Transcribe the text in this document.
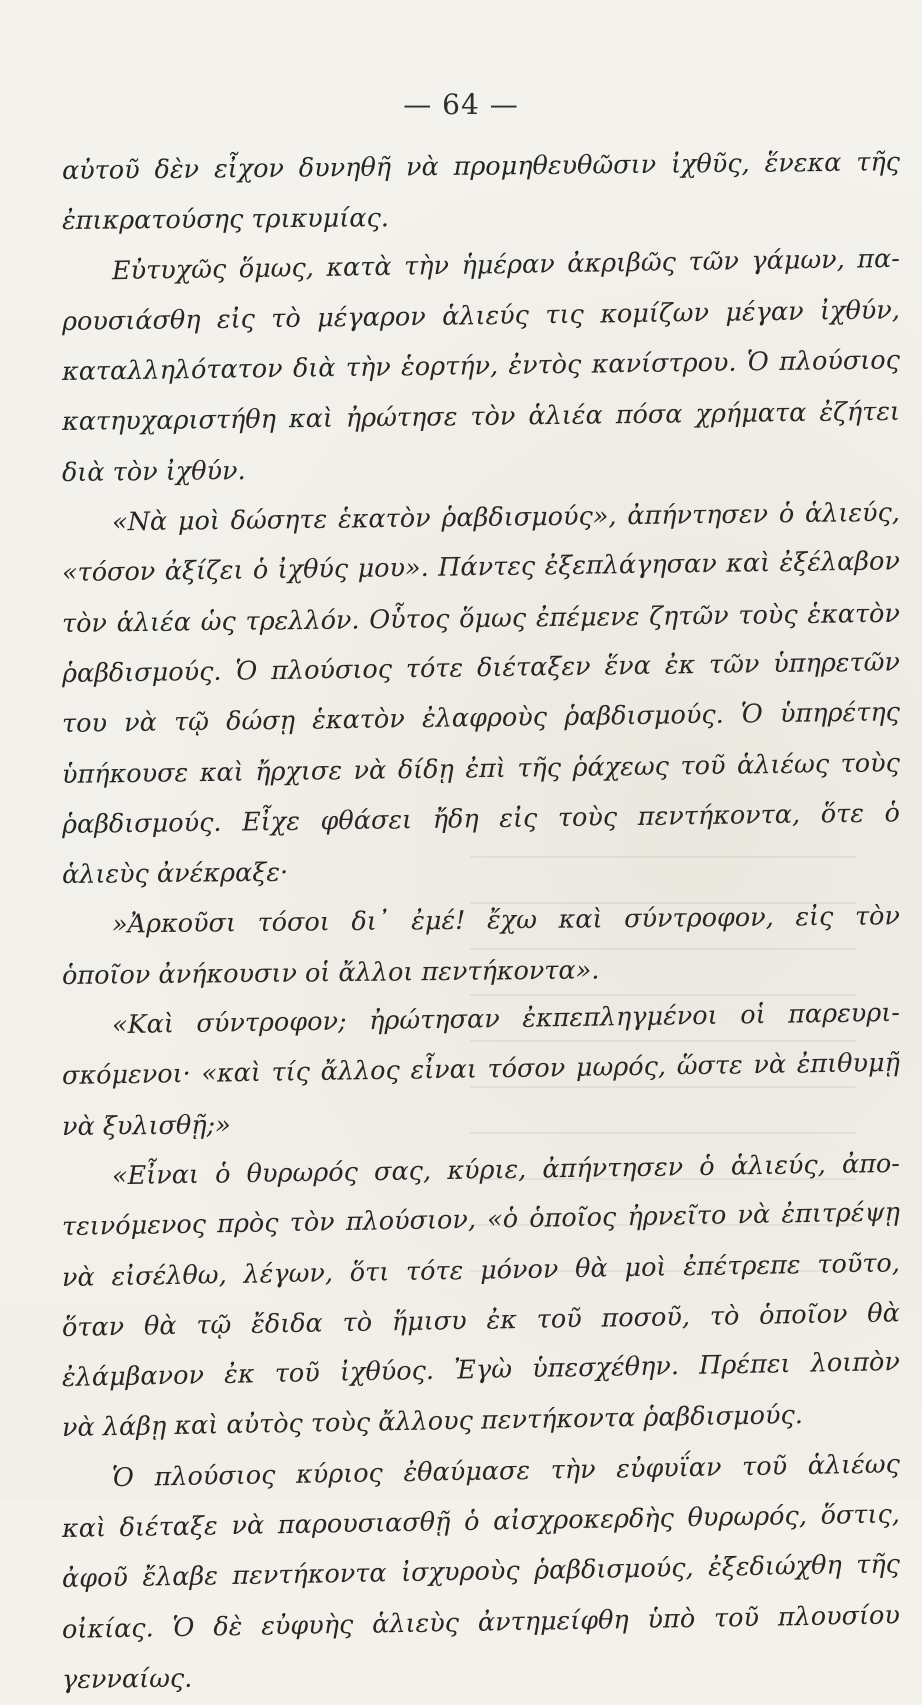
— 64 —
αὐτοῦ δὲν εἶχον δυνηθῆ νὰ προμηθευθῶσιν ἰχθῦς, ἕνεκα τῆς
ἐπικρατούσης τρικυμίας.
Εὐτυχῶς ὅμως, κατὰ τὴν ἡμέραν ἀκριβῶς τῶν γάμων, πα-
ρουσιάσθη εἰς τὸ μέγαρον ἁλιεύς τις κομίζων μέγαν ἰχθύν,
καταλληλότατον διὰ τὴν ἑορτήν, ἐντὸς κανίστρου. Ὁ πλούσιος
κατηυχαριστήθη καὶ ἠρώτησε τὸν ἁλιέα πόσα χρήματα ἐζήτει
διὰ τὸν ἰχθύν.
«Νὰ μοὶ δώσητε ἑκατὸν ῥαβδισμούς», ἀπήντησεν ὁ ἁλιεύς,
«τόσον ἀξίζει ὁ ἰχθύς μου». Πάντες ἐξεπλάγησαν καὶ ἐξέλαβον
τὸν ἁλιέα ὡς τρελλόν. Οὗτος ὅμως ἐπέμενε ζητῶν τοὺς ἑκατὸν
ῥαβδισμούς. Ὁ πλούσιος τότε διέταξεν ἕνα ἐκ τῶν ὑπηρετῶν
του νὰ τῷ δώσῃ ἑκατὸν ἐλαφροὺς ῥαβδισμούς. Ὁ ὑπηρέτης
ὑπήκουσε καὶ ἤρχισε νὰ δίδῃ ἐπὶ τῆς ῥάχεως τοῦ ἁλιέως τοὺς
ῥαβδισμούς. Εἶχε φθάσει ἤδη εἰς τοὺς πεντήκοντα, ὅτε ὁ
ἁλιεὺς ἀνέκραξε·
»Ἀρκοῦσι τόσοι δι᾿ ἐμέ! ἔχω καὶ σύντροφον, εἰς τὸν
ὁποῖον ἀνήκουσιν οἱ ἄλλοι πεντήκοντα».
«Καὶ σύντροφον; ἠρώτησαν ἐκπεπληγμένοι οἱ παρευρι-
σκόμενοι· «καὶ τίς ἄλλος εἶναι τόσον μωρός, ὥστε νὰ ἐπιθυμῇ
νὰ ξυλισθῇ;»
«Εἶναι ὁ θυρωρός σας, κύριε, ἀπήντησεν ὁ ἁλιεύς, ἀπο-
τεινόμενος πρὸς τὸν πλούσιον, «ὁ ὁποῖος ἠρνεῖτο νὰ ἐπιτρέψῃ
νὰ εἰσέλθω, λέγων, ὅτι τότε μόνον θὰ μοὶ ἐπέτρεπε τοῦτο,
ὅταν θὰ τῷ ἔδιδα τὸ ἥμισυ ἐκ τοῦ ποσοῦ, τὸ ὁποῖον θὰ
ἐλάμβανον ἐκ τοῦ ἰχθύος. Ἐγὼ ὑπεσχέθην. Πρέπει λοιπὸν
νὰ λάβῃ καὶ αὐτὸς τοὺς ἄλλους πεντήκοντα ῥαβδισμούς.
Ὁ πλούσιος κύριος ἐθαύμασε τὴν εὐφυΐαν τοῦ ἁλιέως
καὶ διέταξε νὰ παρουσιασθῇ ὁ αἰσχροκερδὴς θυρωρός, ὅστις,
ἀφοῦ ἔλαβε πεντήκοντα ἰσχυροὺς ῥαβδισμούς, ἐξεδιώχθη τῆς
οἰκίας. Ὁ δὲ εὐφυὴς ἁλιεὺς ἀντημείφθη ὑπὸ τοῦ πλουσίου
γενναίως.
